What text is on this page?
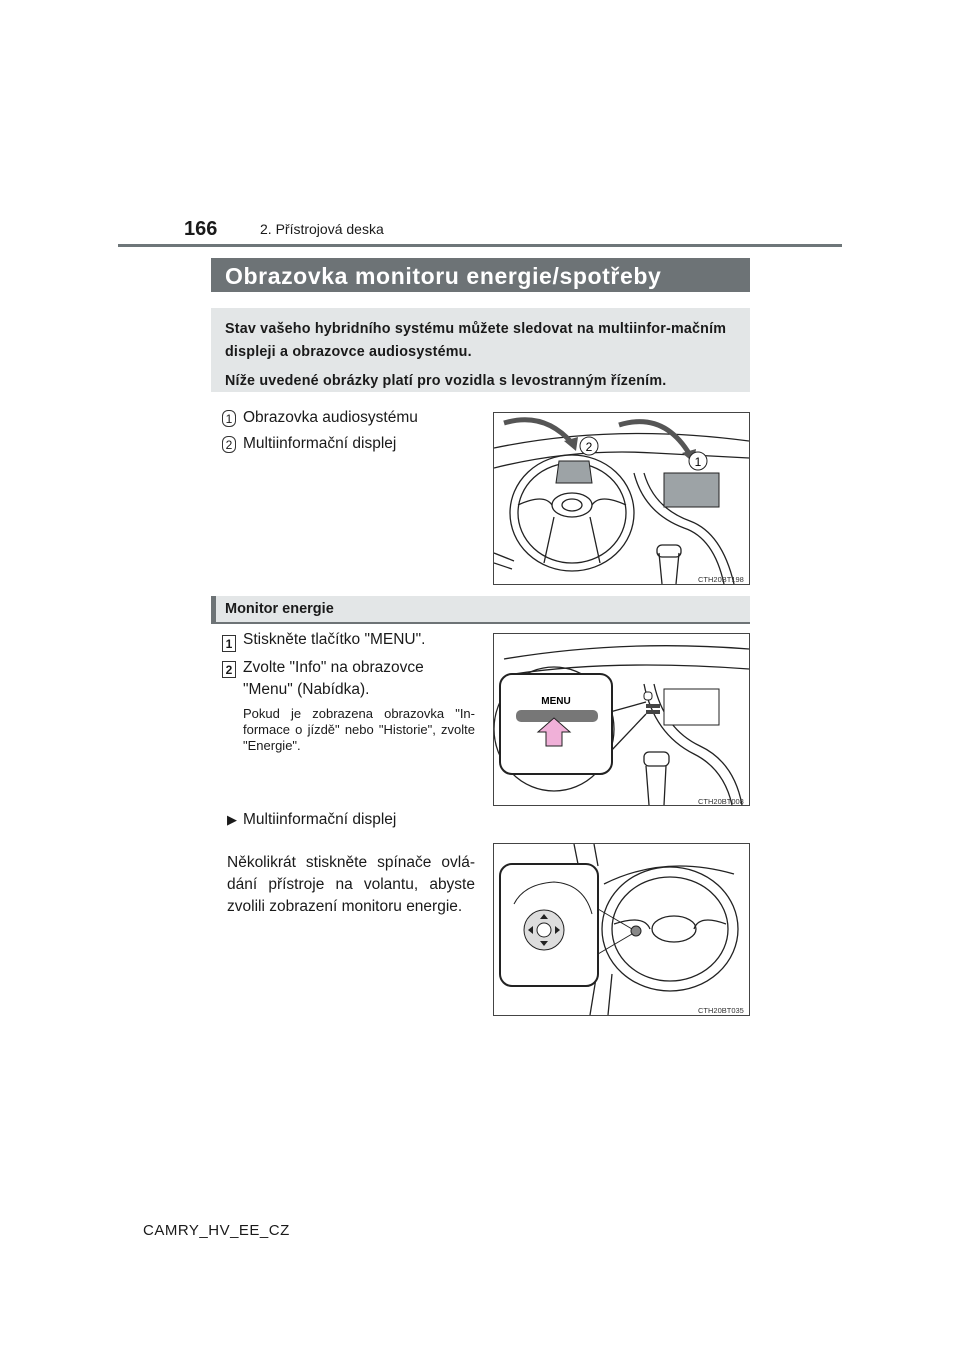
166	2. Přístrojová deska
Obrazovka monitoru energie/spotřeby

Stav vašeho hybridního systému můžete sledovat na multiinfor-mačním displeji a obrazovce audiosystému.

Níže uvedené obrázky platí pro vozidla s levostranným řízením.

1 Obrazovka audiosystému
2 Multiinformační displej	2
1
CTH20BT198
Monitor energie
1 Stiskněte tlačítko "MENU".
2 Zvolte "Info" na obrazovce "Menu" (Nabídka).
Pokud je zobrazena obrazovka "In-formace o jízdě" nebo "Historie", zvolte "Energie".
MENU
CTH20BT008
▶ Multiinformační displej
Několikrát stiskněte spínače ovlá-dání přístroje na volantu, abyste zvolili zobrazení monitoru energie.
CTH20BT035
CAMRY_HV_EE_CZ
